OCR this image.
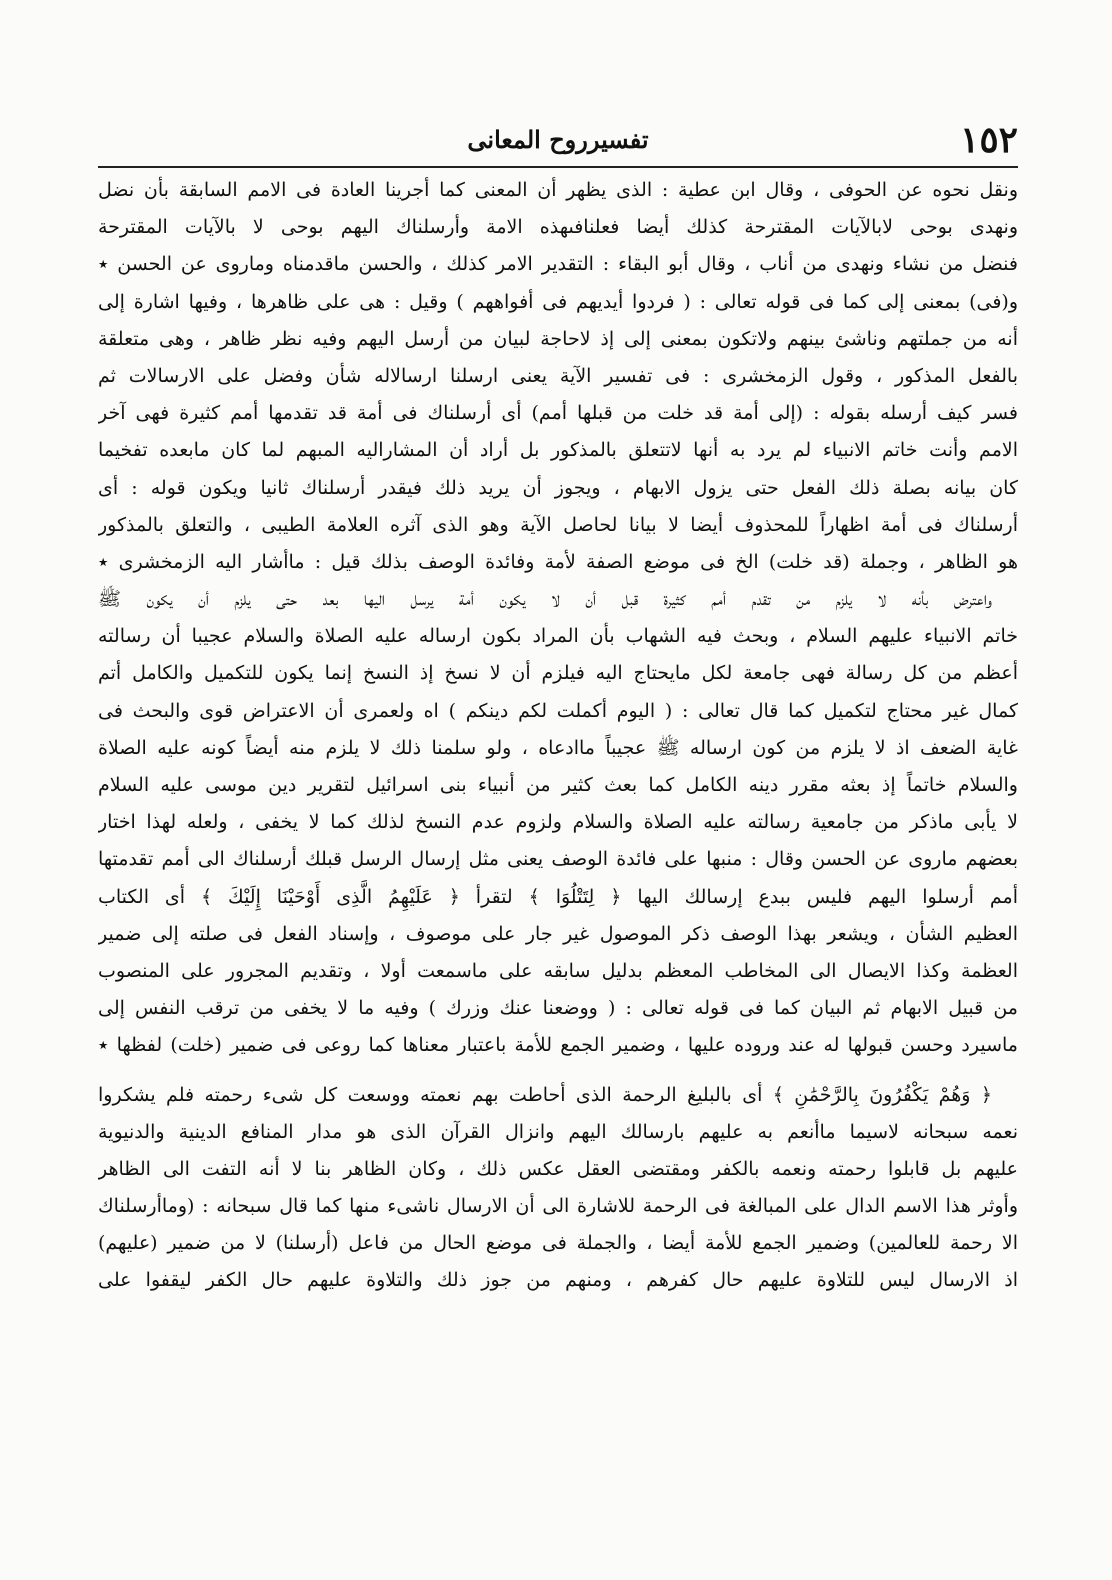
١٥٢
تفسيرروح المعانى
ونقل نحوه عن الحوفى ، وقال ابن عطية : الذى يظهر أن المعنى كما أجرينا العادة فى الامم السابقة بأن نضل
ونهدى بوحى لابالآيات المقترحة كذلك أيضا فعلنافىهذه الامة وأرسلناك اليهم بوحى لا بالآيات المقترحة
فنضل من نشاء ونهدى من أناب ، وقال أبو البقاء : التقدير الامر كذلك ، والحسن ماقدمناه وماروى عن الحسن ٭
و(فى) بمعنى إلى كما فى قوله تعالى : ( فردوا أيديهم فى أفواههم ) وقيل : هى على ظاهرها ، وفيها اشارة إلى
أنه من جملتهم وناشئ بينهم ولاتكون بمعنى إلى إذ لاحاجة لبيان من أرسل اليهم وفيه نظر ظاهر ، وهى متعلقة
بالفعل المذكور ، وقول الزمخشرى : فى تفسير الآية يعنى ارسلنا ارسالاله شأن وفضل على الارسالات ثم
فسر كيف أرسله بقوله : (إلى أمة قد خلت من قبلها أمم) أى أرسلناك فى أمة قد تقدمها أمم كثيرة فهى آخر
الامم وأنت خاتم الانبياء لم يرد به أنها لاتتعلق بالمذكور بل أراد أن المشاراليه المبهم لما كان مابعده تفخيما
كان بيانه بصلة ذلك الفعل حتى يزول الابهام ، ويجوز أن يريد ذلك فيقدر أرسلناك ثانيا ويكون قوله : أى
أرسلناك فى أمة اظهاراً للمحذوف أيضا لا بيانا لحاصل الآية وهو الذى آثره العلامة الطيبى ، والتعلق بالمذكور
هو الظاهر ، وجملة (قد خلت) الخ فى موضع الصفة لأمة وفائدة الوصف بذلك قيل : ماأشار اليه الزمخشرى ٭
واعترض بأنه لا يلزم من تقدم أمم كثيرة قبل أن لا يكون أمة يرسل اليها بعد حتى يلزم أن يكون ﷺ
خاتم الانبياء عليهم السلام ، وبحث فيه الشهاب بأن المراد بكون ارساله عليه الصلاة والسلام عجيبا أن رسالته
أعظم من كل رسالة فهى جامعة لكل مايحتاج اليه فيلزم أن لا نسخ إذ النسخ إنما يكون للتكميل والكامل أتم
كمال غير محتاج لتكميل كما قال تعالى : ( اليوم أكملت لكم دينكم ) اه ولعمرى أن الاعتراض قوى والبحث فى
غاية الضعف اذ لا يلزم من كون ارساله ﷺ عجيباً ماادعاه ، ولو سلمنا ذلك لا يلزم منه أيضاً كونه عليه الصلاة
والسلام خاتماً إذ بعثه مقرر دينه الكامل كما بعث كثير من أنبياء بنى اسرائيل لتقرير دين موسى عليه السلام
لا يأبى ماذكر من جامعية رسالته عليه الصلاة والسلام ولزوم عدم النسخ لذلك كما لا يخفى ، ولعله لهذا اختار
بعضهم ماروى عن الحسن وقال : منبها على فائدة الوصف يعنى مثل إرسال الرسل قبلك أرسلناك الى أمم تقدمتها
أمم أرسلوا اليهم فليس ببدع إرسالك اليها ﴿ لِتَتْلُوَا ﴾ لتقرأ ﴿ عَلَيْهِمُ الَّذِى أَوْحَيْنَا إِلَيْكَ ﴾ أى الكتاب
العظيم الشأن ، ويشعر بهذا الوصف ذكر الموصول غير جار على موصوف ، وإسناد الفعل فى صلته إلى ضمير
العظمة وكذا الايصال الى المخاطب المعظم بدليل سابقه على ماسمعت أولا ، وتقديم المجرور على المنصوب
من قبيل الابهام ثم البيان كما فى قوله تعالى : ( ووضعنا عنك وزرك ) وفيه ما لا يخفى من ترقب النفس إلى
ماسيرد وحسن قبولها له عند وروده عليها ، وضمير الجمع للأمة باعتبار معناها كما روعى فى ضمير (خلت) لفظها ٭
﴿ وَهُمْ يَكْفُرُونَ بِالرَّحْمَٰنِ ﴾ أى بالبليغ الرحمة الذى أحاطت بهم نعمته ووسعت كل شىء رحمته فلم يشكروا
نعمه سبحانه لاسيما ماأنعم به عليهم بارسالك اليهم وانزال القرآن الذى هو مدار المنافع الدينية والدنيوية
عليهم بل قابلوا رحمته ونعمه بالكفر ومقتضى العقل عكس ذلك ، وكان الظاهر بنا لا أنه التفت الى الظاهر
وأوثر هذا الاسم الدال على المبالغة فى الرحمة للاشارة الى أن الارسال ناشىء منها كما قال سبحانه : (وماأرسلناك
الا رحمة للعالمين) وضمير الجمع للأمة أيضا ، والجملة فى موضع الحال من فاعل (أرسلنا) لا من ضمير (عليهم)
اذ الارسال ليس للتلاوة عليهم حال كفرهم ، ومنهم من جوز ذلك والتلاوة عليهم حال الكفر ليقفوا على
